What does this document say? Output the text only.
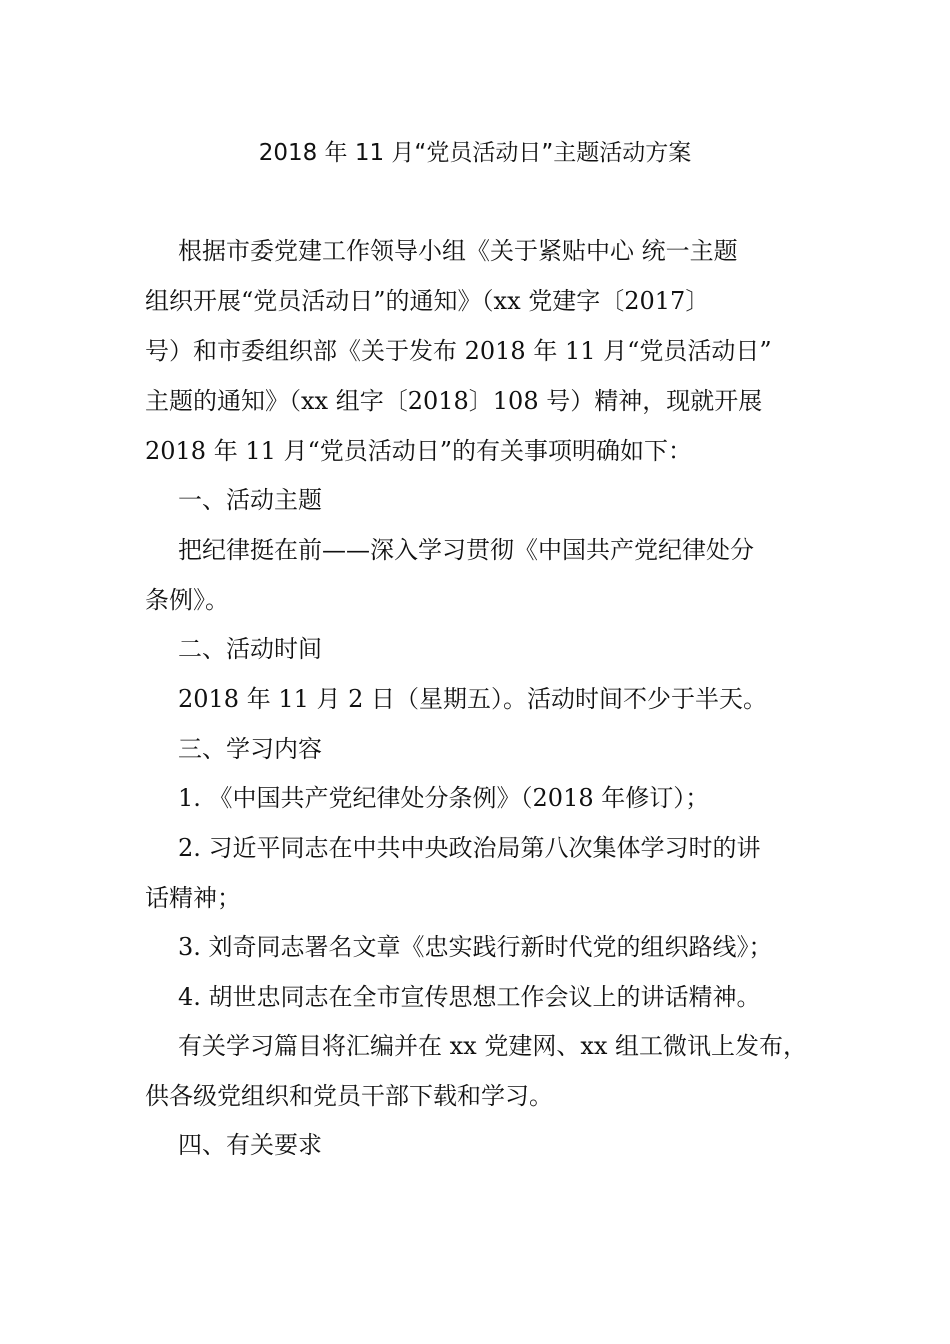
2018 年 11 月“党员活动日”主题活动方案
根据市委党建工作领导小组《关于紧贴中心 统一主题
组织开展“党员活动日”的通知》（xx 党建字〔2017〕
号）和市委组织部《关于发布 2018 年 11 月“党员活动日”
主题的通知》（xx 组字〔2018〕108 号）精神，现就开展
2018 年 11 月“党员活动日”的有关事项明确如下：
一、活动主题
把纪律挺在前——深入学习贯彻《中国共产党纪律处分
条例》。
二、活动时间
2018 年 11 月 2 日（星期五）。活动时间不少于半天。
三、学习内容
1. 《中国共产党纪律处分条例》（2018 年修订）；
2. 习近平同志在中共中央政治局第八次集体学习时的讲
话精神；
3. 刘奇同志署名文章《忠实践行新时代党的组织路线》；
4. 胡世忠同志在全市宣传思想工作会议上的讲话精神。
有关学习篇目将汇编并在 xx 党建网、xx 组工微讯上发布，
供各级党组织和党员干部下载和学习。
四、有关要求
